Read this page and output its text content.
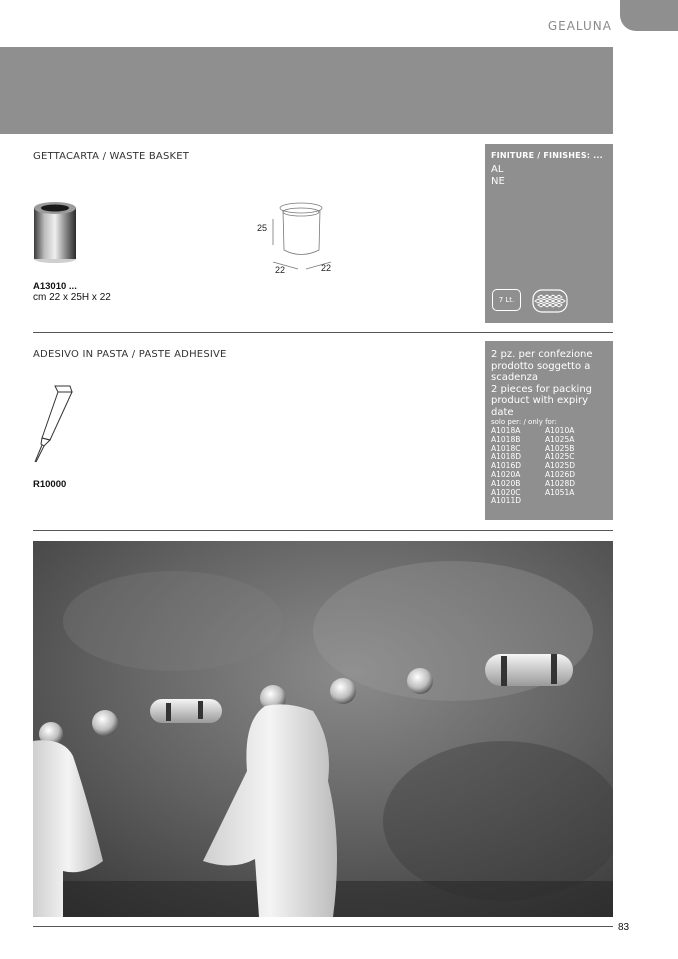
GEALUNA
GETTACARTA / WASTE BASKET
A13010 ...
cm 22 x 25H x 22
25
22	22
FINITURE / FINISHES: ...
AL
NE
7 Lt.
ADESIVO IN PASTA / PASTE ADHESIVE
R10000
2 pz. per confezione
prodotto soggetto a
scadenza
2 pieces for packing
product with expiry date
solo per: / only for:
A1018A
A1018B
A1018C
A1018D
A1016D
A1020A
A1020B
A1020C
A1011D
A1010A
A1025A
A1025B
A1025C
A1025D
A1026D
A1028D
A1051A
83
